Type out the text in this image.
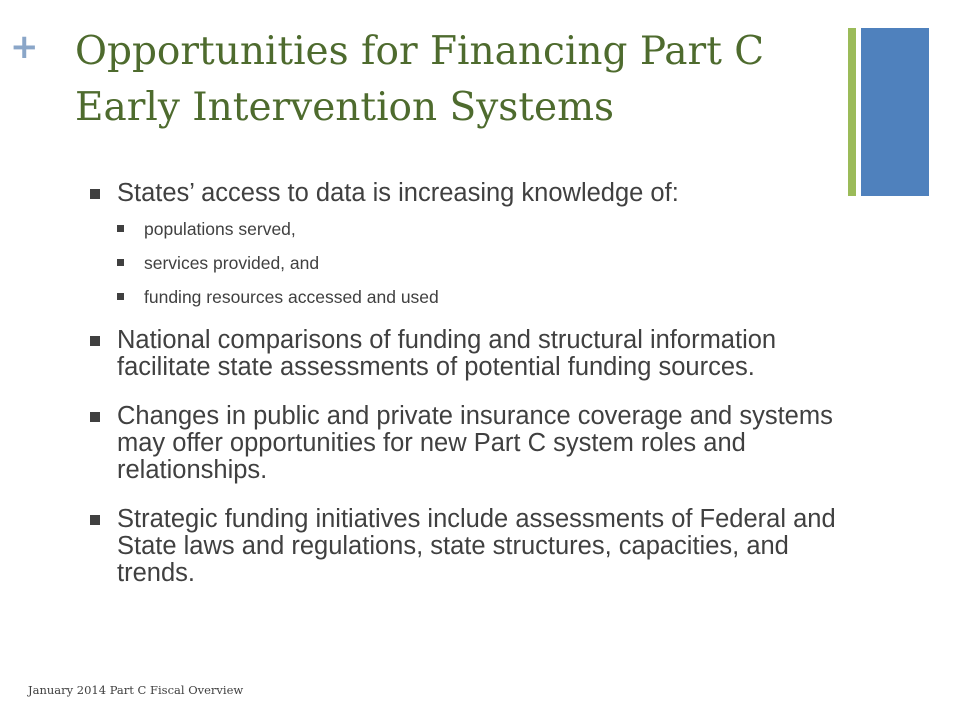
+ Opportunities for Financing Part C Early Intervention Systems
States’ access to data is increasing knowledge of:
populations served,
services provided, and
funding resources accessed and used
National comparisons of funding and structural information facilitate state assessments of potential funding sources.
Changes in public and private insurance coverage and systems may offer opportunities for new Part C system roles and relationships.
Strategic funding initiatives include assessments of Federal and State laws and regulations, state structures, capacities, and trends.
January 2014 Part C Fiscal Overview
